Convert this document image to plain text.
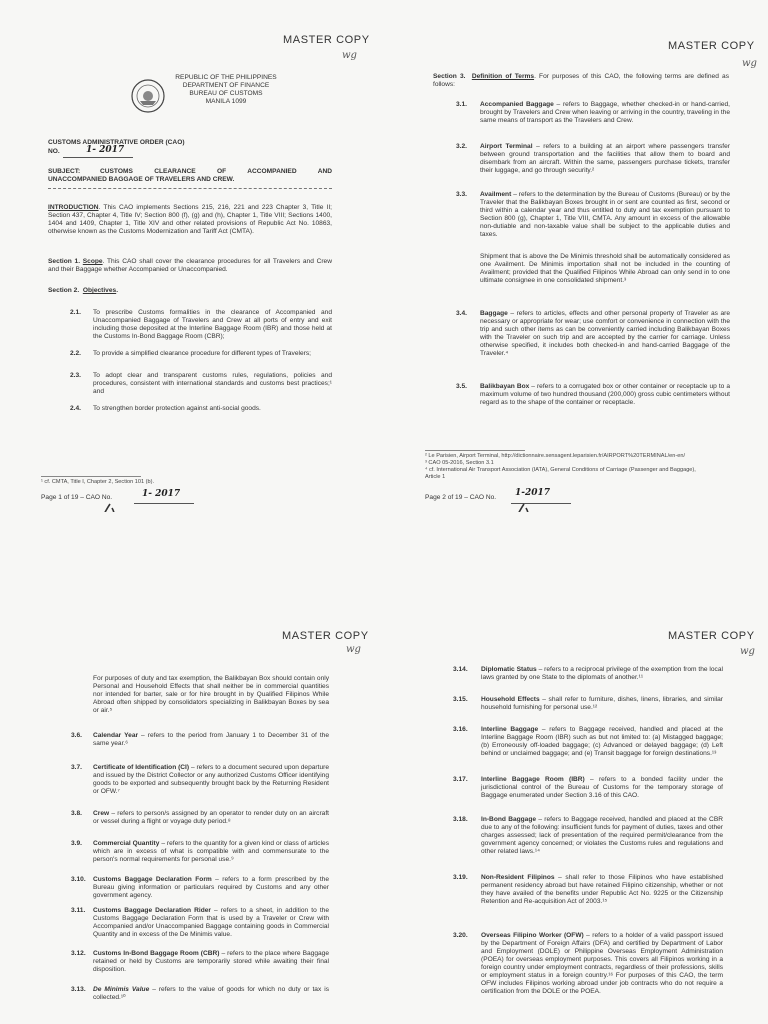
MASTER COPY
wg
REPUBLIC OF THE PHILIPPINES
DEPARTMENT OF FINANCE
BUREAU OF CUSTOMS
MANILA 1099
CUSTOMS ADMINISTRATIVE ORDER (CAO)
NO.	1- 2017
SUBJECT:	CUSTOMS CLEARANCE OF ACCOMPANIED AND
UNACCOMPANIED BAGGAGE OF TRAVELERS AND CREW.

INTRODUCTION. This CAO implements Sections 215, 216, 221 and 223 Chapter 3, Title II; Section 437, Chapter 4, Title IV; Section 800 (f), (g) and (h), Chapter 1, Title VIII; Sections 1400, 1404 and 1409, Chapter 1, Title XIV and other related provisions of Republic Act No. 10863, otherwise known as the Customs Modernization and Tariff Act (CMTA).

Section 1. Scope. This CAO shall cover the clearance procedures for all Travelers and Crew and their Baggage whether Accompanied or Unaccompanied.

Section 2. Objectives.

2.1. To prescribe Customs formalities in the clearance of Accompanied and Unaccompanied Baggage of Travelers and Crew at all ports of entry and exit including those deposited at the Interline Baggage Room (IBR) and those held at the Customs In-Bond Baggage Room (CBR);

2.2. To provide a simplified clearance procedure for different types of Travelers;

2.3. To adopt clear and transparent customs rules, regulations, policies and procedures, consistent with international standards and customs best practices;¹ and

2.4. To strengthen border protection against anti-social goods.

¹ cf. CMTA, Title I, Chapter 2, Section 101 (b).

Page 1 of 19 – CAO No.	1- 2017
MASTER COPY
wg

Section 3. Definition of Terms. For purposes of this CAO, the following terms are defined as follows:

3.1. Accompanied Baggage – refers to Baggage, whether checked-in or hand-carried, brought by Travelers and Crew when leaving or arriving in the country, traveling in the same means of transport as the Travelers and Crew.

3.2. Airport Terminal – refers to a building at an airport where passengers transfer between ground transportation and the facilities that allow them to board and disembark from an aircraft. Within the same, passengers purchase tickets, transfer their luggage, and go through security.²

3.3. Availment – refers to the determination by the Bureau of Customs (Bureau) or by the Traveler that the Balikbayan Boxes brought in or sent are counted as first, second or third within a calendar year and thus entitled to duty and tax exemption pursuant to Section 800 (g), Chapter 1, Title VIII, CMTA. Any amount in excess of the allowable non-dutiable and non-taxable value shall be subject to the applicable duties and taxes.

Shipment that is above the De Minimis threshold shall be automatically considered as one Availment. De Minimis importation shall not be included in the counting of Availment; provided that the Qualified Filipinos While Abroad can only send in to one ultimate consignee in one consolidated shipment.³

3.4. Baggage – refers to articles, effects and other personal property of Traveler as are necessary or appropriate for wear; use comfort or convenience in connection with the trip and such other items as can be conveniently carried including Balikbayan Boxes with the Traveler on such trip and are accepted by the carrier for carriage. Unless otherwise specified, it includes both checked-in and hand-carried Baggage of the Traveler.⁴

3.5. Balikbayan Box – refers to a corrugated box or other container or receptacle up to a maximum volume of two hundred thousand (200,000) gross cubic centimeters without regard as to the shape of the container or receptacle.

² Le Parisien, Airport Terminal, http://dictionnaire.sensagent.leparisien.fr/AIRPORT%20TERMINAL/en-en/

³ CAO 05-2016, Section 3.1

⁴ cf. International Air Transport Association (IATA), General Conditions of Carriage (Passenger and Baggage), Article 1

Page 2 of 19 – CAO No. 1-2017
MASTER COPY
wg

For purposes of duty and tax exemption, the Balikbayan Box should contain only Personal and Household Effects that shall neither be in commercial quantities nor intended for barter, sale or for hire brought in by Qualified Filipinos While Abroad often shipped by consolidators specializing in Balikbayan Boxes by sea or air.⁵

3.6. Calendar Year – refers to the period from January 1 to December 31 of the same year.⁶

3.7. Certificate of Identification (CI) – refers to a document secured upon departure and issued by the District Collector or any authorized Customs Officer identifying goods to be exported and subsequently brought back by the Returning Resident or OFW.⁷

3.8. Crew – refers to person/s assigned by an operator to render duty on an aircraft or vessel during a flight or voyage duty period.⁸

3.9. Commercial Quantity – refers to the quantity for a given kind or class of articles which are in excess of what is compatible with and commensurate to the person's normal requirements for personal use.⁹

3.10. Customs Baggage Declaration Form – refers to a form prescribed by the Bureau giving information or particulars required by Customs and any other government agency.

3.11. Customs Baggage Declaration Rider – refers to a sheet, in addition to the Customs Baggage Declaration Form that is used by a Traveler or Crew with Accompanied and/or Unaccompanied Baggage containing goods in Commercial Quantity and in excess of the De Minimis value.

3.12. Customs In-Bond Baggage Room (CBR) – refers to the place where Baggage retained or held by Customs are temporarily stored while awaiting their final disposition.

3.13. De Minimis Value – refers to the value of goods for which no duty or tax is collected.¹⁰

MASTER COPY
wg
3.14. Diplomatic Status – refers to a reciprocal privilege of the exemption from the local laws granted by one State to the diplomats of another.¹¹

3.15. Household Effects – shall refer to furniture, dishes, linens, libraries, and similar household furnishing for personal use.¹²

3.16. Interline Baggage – refers to Baggage received, handled and placed at the Interline Baggage Room (IBR) such as but not limited to: (a) Mistagged baggage; (b) Erroneously off-loaded baggage; (c) Advanced or delayed baggage; (d) Left behind or unclaimed baggage; and (e) Transit baggage for foreign destinations.¹³

3.17. Interline Baggage Room (IBR) – refers to a bonded facility under the jurisdictional control of the Bureau of Customs for the temporary storage of Baggage enumerated under Section 3.16 of this CAO.

3.18. In-Bond Baggage – refers to Baggage received, handled and placed at the CBR due to any of the following: insufficient funds for payment of duties, taxes and other charges assessed; lack of presentation of the required permit/clearance from the government agency concerned; or violates the Customs rules and regulations and other related laws.¹⁴

3.19. Non-Resident Filipinos – shall refer to those Filipinos who have established permanent residency abroad but have retained Filipino citizenship, whether or not they have availed of the benefits under Republic Act No. 9225 or the Citizenship Retention and Re-acquisition Act of 2003.¹⁵

3.20. Overseas Filipino Worker (OFW) – refers to a holder of a valid passport issued by the Department of Foreign Affairs (DFA) and certified by Department of Labor and Employment (DOLE) or Philippine Overseas Employment Administration (POEA) for overseas employment purposes. This covers all Filipinos working in a foreign country under employment contracts, regardless of their professions, skills or employment status in a foreign country.¹⁶ For purposes of this CAO, the term OFW includes Filipinos working abroad under job contracts who do not require a certification from the DOLE or the POEA.
